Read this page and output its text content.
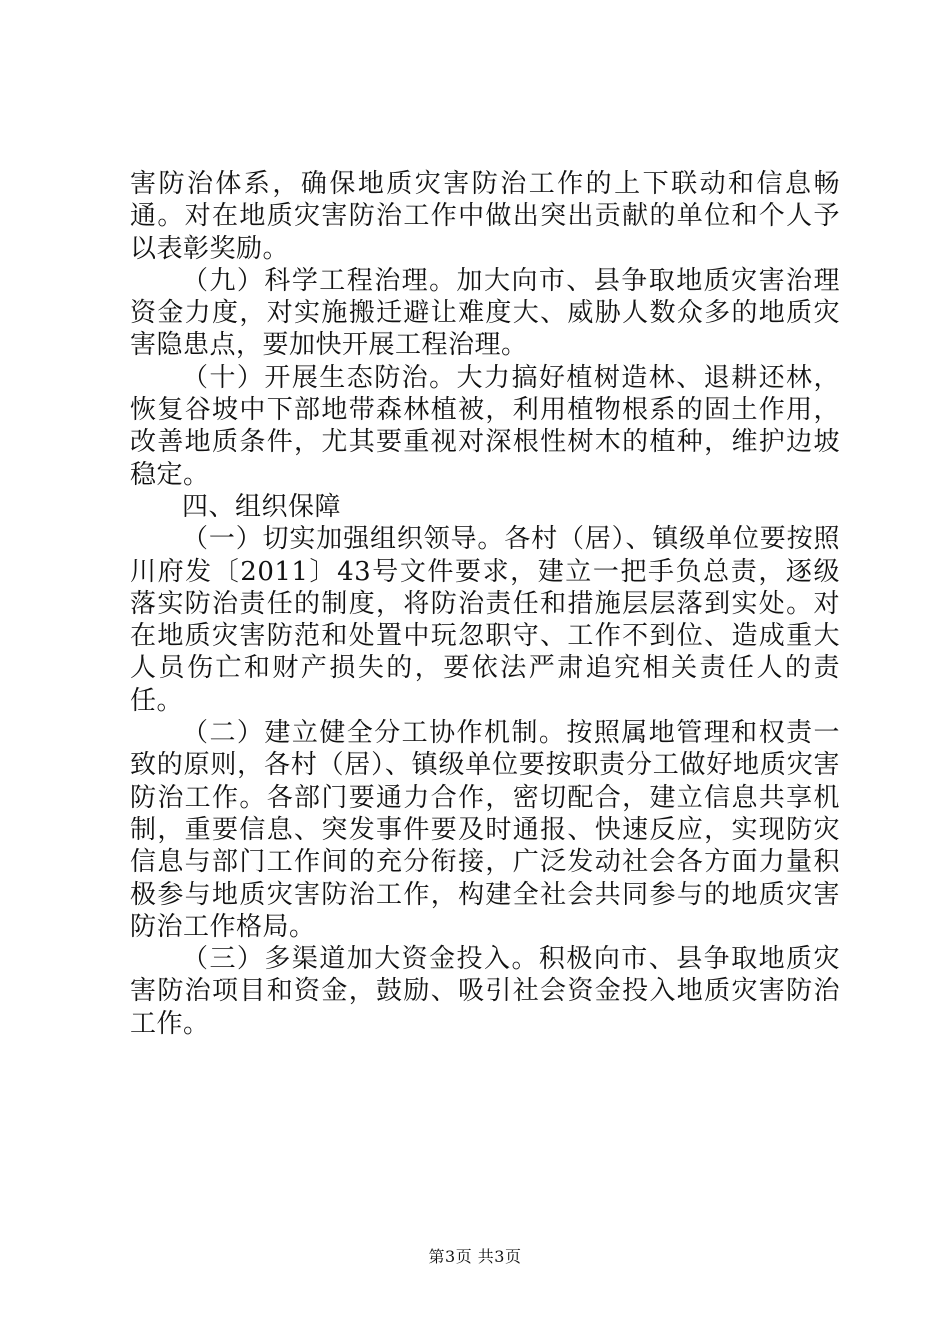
害防治体系，确保地质灾害防治工作的上下联动和信息畅通。对在地质灾害防治工作中做出突出贡献的单位和个人予以表彰奖励。

（九）科学工程治理。加大向市、县争取地质灾害治理资金力度，对实施搬迁避让难度大、威胁人数众多的地质灾害隐患点，要加快开展工程治理。

（十）开展生态防治。大力搞好植树造林、退耕还林，恢复谷坡中下部地带森林植被，利用植物根系的固土作用，改善地质条件，尤其要重视对深根性树木的植种，维护边坡稳定。

四、组织保障

（一）切实加强组织领导。各村（居）、镇级单位要按照川府发〔2011〕43号文件要求，建立一把手负总责，逐级落实防治责任的制度，将防治责任和措施层层落到实处。对在地质灾害防范和处置中玩忽职守、工作不到位、造成重大人员伤亡和财产损失的，要依法严肃追究相关责任人的责任。

（二）建立健全分工协作机制。按照属地管理和权责一致的原则，各村（居）、镇级单位要按职责分工做好地质灾害防治工作。各部门要通力合作，密切配合，建立信息共享机制，重要信息、突发事件要及时通报、快速反应，实现防灾信息与部门工作间的充分衔接，广泛发动社会各方面力量积极参与地质灾害防治工作，构建全社会共同参与的地质灾害防治工作格局。

（三）多渠道加大资金投入。积极向市、县争取地质灾害防治项目和资金，鼓励、吸引社会资金投入地质灾害防治工作。

第3页 共3页
